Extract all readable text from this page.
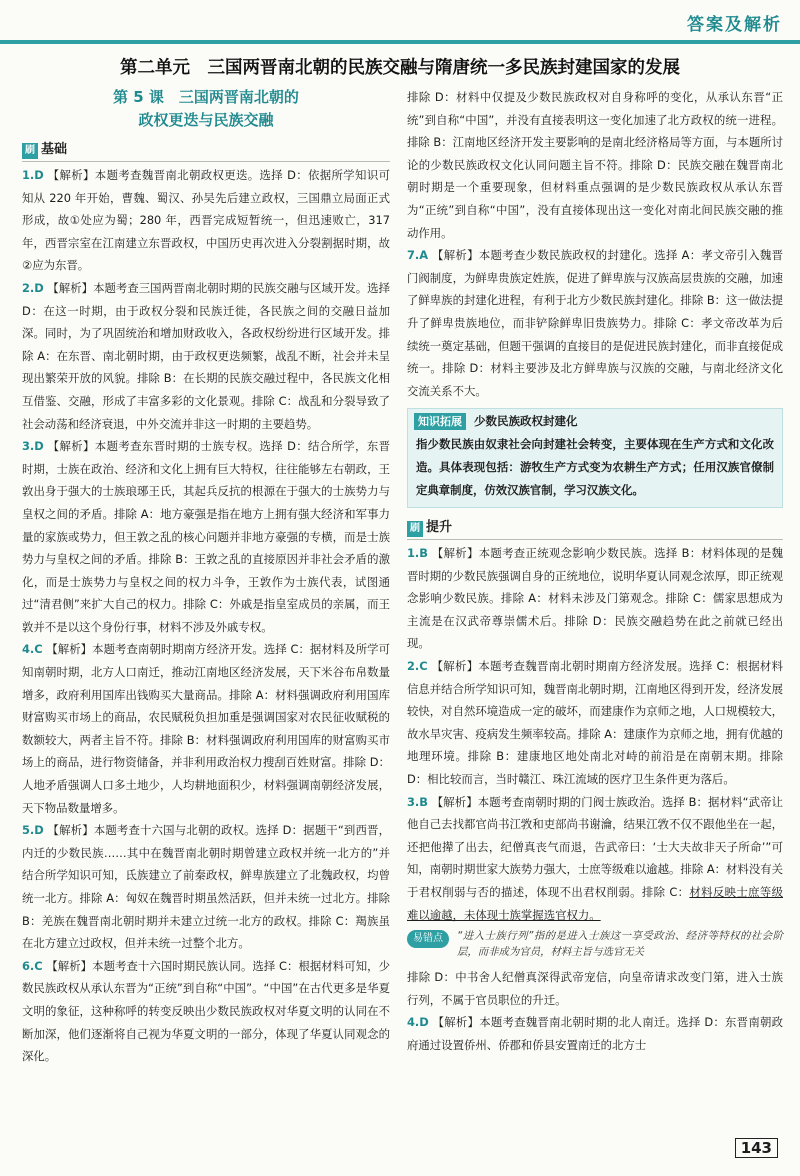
答案及解析
第二单元　三国两晋南北朝的民族交融与隋唐统一多民族封建国家的发展
第 5 课　三国两晋南北朝的
政权更迭与民族交融
刷 基础

1.D 【解析】本题考查魏晋南北朝政权更迭。选择 D：依据所学知识可知从 220 年开始，曹魏、蜀汉、孙吴先后建立政权，三国鼎立局面正式形成，故①处应为蜀；280 年，西晋完成短暂统一，但迅速败亡，317 年，西晋宗室在江南建立东晋政权，中国历史再次进入分裂割据时期，故②应为东晋。

2.D 【解析】本题考查三国两晋南北朝时期的民族交融与区域开发。选择 D：在这一时期，由于政权分裂和民族迁徙，各民族之间的交融日益加深。同时，为了巩固统治和增加财政收入，各政权纷纷进行区域开发。排除 A：在东晋、南北朝时期，由于政权更迭频繁，战乱不断，社会并未呈现出繁荣开放的风貌。排除 B：在长期的民族交融过程中，各民族文化相互借鉴、交融，形成了丰富多彩的文化景观。排除 C：战乱和分裂导致了社会动荡和经济衰退，中外交流并非这一时期的主要趋势。

3.D 【解析】本题考查东晋时期的士族专权。选择 D：结合所学，东晋时期，士族在政治、经济和文化上拥有巨大特权，往往能够左右朝政，王敦出身于强大的士族琅琊王氏，其起兵反抗的根源在于强大的士族势力与皇权之间的矛盾。排除 A：地方豪强是指在地方上拥有强大经济和军事力量的家族或势力，但王敦之乱的核心问题并非地方豪强的专横，而是士族势力与皇权之间的矛盾。排除 B：王敦之乱的直接原因并非社会矛盾的激化，而是士族势力与皇权之间的权力斗争，王敦作为士族代表，试图通过“清君侧”来扩大自己的权力。排除 C：外戚是指皇室成员的亲属，而王敦并不是以这个身份行事，材料不涉及外戚专权。

4.C 【解析】本题考查南朝时期南方经济开发。选择 C：据材料及所学可知南朝时期，北方人口南迁，推动江南地区经济发展，天下米谷布帛数量增多，政府利用国库出钱购买大量商品。排除 A：材料强调政府利用国库财富购买市场上的商品，农民赋税负担加重是强调国家对农民征收赋税的数额较大，两者主旨不符。排除 B：材料强调政府利用国库的财富购买市场上的商品，进行物资储备，并非利用政治权力搜刮百姓财富。排除 D：人地矛盾强调人口多土地少，人均耕地面积少，材料强调南朝经济发展，天下物品数量增多。

5.D 【解析】本题考查十六国与北朝的政权。选择 D：据题干“到西晋，内迁的少数民族……其中在魏晋南北朝时期曾建立政权并统一北方的”并结合所学知识可知，氐族建立了前秦政权，鲜卑族建立了北魏政权，均曾统一北方。排除 A：匈奴在魏晋时期虽然活跃，但并未统一过北方。排除 B：羌族在魏晋南北朝时期并未建立过统一北方的政权。排除 C：羯族虽在北方建立过政权，但并未统一过整个北方。

6.C 【解析】本题考查十六国时期民族认同。选择 C：根据材料可知，少数民族政权从承认东晋为“正统”到自称“中国”。“中国”在古代更多是华夏文明的象征，这种称呼的转变反映出少数民族政权对华夏文明的认同在不断加深，他们逐渐将自己视为华夏文明的一部分，体现了华夏认同观念的深化。

排除 D：材料中仅提及少数民族政权对自身称呼的变化，从承认东晋“正统”到自称“中国”，并没有直接表明这一变化加速了北方政权的统一进程。排除 B：江南地区经济开发主要影响的是南北经济格局等方面，与本题所讨论的少数民族政权文化认同问题主旨不符。排除 D：民族交融在魏晋南北朝时期是一个重要现象，但材料重点强调的是少数民族政权从承认东晋为“正统”到自称“中国”，没有直接体现出这一变化对南北间民族交融的推动作用。

7.A 【解析】本题考查少数民族政权的封建化。选择 A：孝文帝引入魏晋门阀制度，为鲜卑贵族定姓族，促进了鲜卑族与汉族高层贵族的交融，加速了鲜卑族的封建化进程，有利于北方少数民族封建化。排除 B：这一做法提升了鲜卑贵族地位，而非铲除鲜卑旧贵族势力。排除 C：孝文帝改革为后续统一奠定基础，但题干强调的直接目的是促进民族封建化，而非直接促成统一。排除 D：材料主要涉及北方鲜卑族与汉族的交融，与南北经济文化交流关系不大。

知识拓展	少数民族政权封建化
指少数民族由奴隶社会向封建社会转变，主要体现在生产方式和文化改造。具体表现包括：游牧生产方式变为农耕生产方式；任用汉族官僚制定典章制度，仿效汉族官制，学习汉族文化。
刷 提升

1.B 【解析】本题考查正统观念影响少数民族。选择 B：材料体现的是魏晋时期的少数民族强调自身的正统地位，说明华夏认同观念浓厚，即正统观念影响少数民族。排除 A：材料未涉及门第观念。排除 C：儒家思想成为主流是在汉武帝尊崇儒术后。排除 D：民族交融趋势在此之前就已经出现。

2.C 【解析】本题考查魏晋南北朝时期南方经济发展。选择 C：根据材料信息并结合所学知识可知，魏晋南北朝时期，江南地区得到开发，经济发展较快，对自然环境造成一定的破坏，而建康作为京师之地，人口规模较大，故水旱灾害、疫病发生频率较高。排除 A：建康作为京师之地，拥有优越的地理环境。排除 B：建康地区地处南北对峙的前沿是在南朝末期。排除 D：相比较而言，当时赣江、珠江流域的医疗卫生条件更为落后。

3.B 【解析】本题考查南朝时期的门阀士族政治。选择 B：据材料“武帝让他自己去找都官尚书江敩和吏部尚书谢瀹，结果江敩不仅不跟他坐在一起，还把他撵了出去，纪僧真丧气而退，告武帝曰：‘士大夫故非天子所命’”可知，南朝时期世家大族势力强大，士庶等级难以逾越。排除 A：材料没有关于君权削弱与否的描述，体现不出君权削弱。排除 C：材料反映士庶等级难以逾越，未体现士族掌握选官权力。

易错点	“进入士族行列”指的是进入士族这一享受政治、经济等特权的社会阶层，而非成为官员，材料主旨与选官无关

排除 D：中书舍人纪僧真深得武帝宠信，向皇帝请求改变门第，进入士族行列，不属于官员职位的升迁。

4.D 【解析】本题考查魏晋南北朝时期的北人南迁。选择 D：东晋南朝政府通过设置侨州、侨郡和侨县安置南迁的北方士

143
